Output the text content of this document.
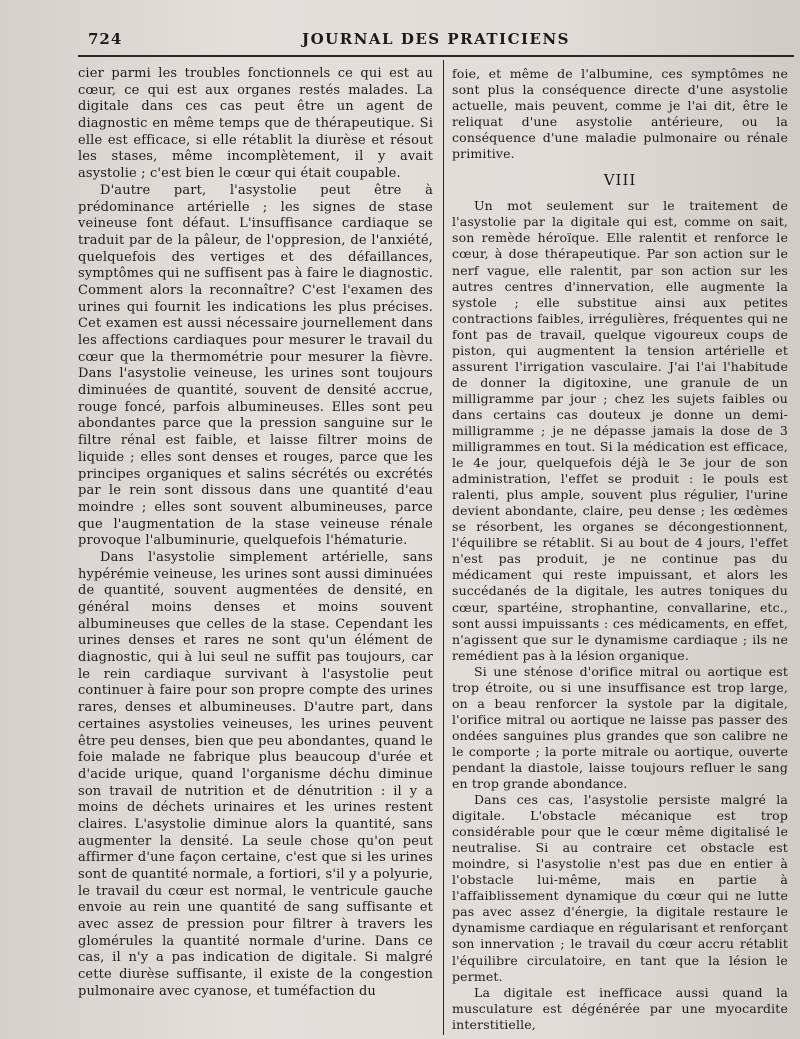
724	JOURNAL DES PRATICIENS

cier parmi les troubles fonctionnels ce qui est au cœur, ce qui est aux organes restés malades. La digitale dans ces cas peut être un agent de diagnostic en même temps que de thérapeutique. Si elle est efficace, si elle rétablit la diurèse et résout les stases, même incomplètement, il y avait asystolie ; c'est bien le cœur qui était coupable.

D'autre part, l'asystolie peut être à prédominance artérielle ; les signes de stase veineuse font défaut. L'insuffisance cardiaque se traduit par de la pâleur, de l'oppresion, de l'anxiété, quelquefois des vertiges et des défaillances, symptômes qui ne suffisent pas à faire le diagnostic. Comment alors la reconnaître? C'est l'examen des urines qui fournit les indications les plus précises. Cet examen est aussi nécessaire journellement dans les affections cardiaques pour mesurer le travail du cœur que la thermométrie pour mesurer la fièvre. Dans l'asystolie veineuse, les urines sont toujours diminuées de quantité, souvent de densité accrue, rouge foncé, parfois albumineuses. Elles sont peu abondantes parce que la pression sanguine sur le filtre rénal est faible, et laisse filtrer moins de liquide ; elles sont denses et rouges, parce que les principes organiques et salins sécrétés ou excrétés par le rein sont dissous dans une quantité d'eau moindre ; elles sont souvent albumineuses, parce que l'augmentation de la stase veineuse rénale provoque l'albuminurie, quelquefois l'hématurie.

Dans l'asystolie simplement artérielle, sans hypérémie veineuse, les urines sont aussi diminuées de quantité, souvent augmentées de densité, en général moins denses et moins souvent albumineuses que celles de la stase. Cependant les urines denses et rares ne sont qu'un élément de diagnostic, qui à lui seul ne suffit pas toujours, car le rein cardiaque survivant à l'asystolie peut continuer à faire pour son propre compte des urines rares, denses et albumineuses. D'autre part, dans certaines asystolies veineuses, les urines peuvent être peu denses, bien que peu abondantes, quand le foie malade ne fabrique plus beaucoup d'urée et d'acide urique, quand l'organisme déchu diminue son travail de nutrition et de dénutrition : il y a moins de déchets urinaires et les urines restent claires. L'asystolie diminue alors la quantité, sans augmenter la densité. La seule chose qu'on peut affirmer d'une façon certaine, c'est que si les urines sont de quantité normale, a fortiori, s'il y a polyurie, le travail du cœur est normal, le ventricule gauche envoie au rein une quantité de sang suffisante et avec assez de pression pour filtrer à travers les glomérules la quantité normale d'urine. Dans ce cas, il n'y a pas indication de digitale. Si malgré cette diurèse suffisante, il existe de la congestion pulmonaire avec cyanose, et tuméfaction du

foie, et même de l'albumine, ces symptômes ne sont plus la conséquence directe d'une asystolie actuelle, mais peuvent, comme je l'ai dit, être le reliquat d'une asystolie antérieure, ou la conséquence d'une maladie pulmonaire ou rénale primitive.

VIII

Un mot seulement sur le traitement de l'asystolie par la digitale qui est, comme on sait, son remède héroïque. Elle ralentit et renforce le cœur, à dose thérapeutique. Par son action sur le nerf vague, elle ralentit, par son action sur les autres centres d'innervation, elle augmente la systole ; elle substitue ainsi aux petites contractions faibles, irrégulières, fréquentes qui ne font pas de travail, quelque vigoureux coups de piston, qui augmentent la tension artérielle et assurent l'irrigation vasculaire. J'ai l'ai l'habitude de donner la digitoxine, une granule de un milligramme par jour ; chez les sujets faibles ou dans certains cas douteux je donne un demi-milligramme ; je ne dépasse jamais la dose de 3 milligrammes en tout. Si la médication est efficace, le 4e jour, quelquefois déjà le 3e jour de son administration, l'effet se produit : le pouls est ralenti, plus ample, souvent plus régulier, l'urine devient abondante, claire, peu dense ; les œdèmes se résorbent, les organes se décongestionnent, l'équilibre se rétablit. Si au bout de 4 jours, l'effet n'est pas produit, je ne continue pas du médicament qui reste impuissant, et alors les succédanés de la digitale, les autres toniques du cœur, spartéine, strophantine, convallarine, etc., sont aussi impuissants : ces médicaments, en effet, n'agissent que sur le dynamisme cardiaque ; ils ne remédient pas à la lésion organique.

Si une sténose d'orifice mitral ou aortique est trop étroite, ou si une insuffisance est trop large, on a beau renforcer la systole par la digitale, l'orifice mitral ou aortique ne laisse pas passer des ondées sanguines plus grandes que son calibre ne le comporte ; la porte mitrale ou aortique, ouverte pendant la diastole, laisse toujours refluer le sang en trop grande abondance.

Dans ces cas, l'asystolie persiste malgré la digitale. L'obstacle mécanique est trop considérable pour que le cœur même digitalisé le neutralise. Si au contraire cet obstacle est moindre, si l'asystolie n'est pas due en entier à l'obstacle lui-même, mais en partie à l'affaiblissement dynamique du cœur qui ne lutte pas avec assez d'énergie, la digitale restaure le dynamisme cardiaque en régularisant et renforçant son innervation ; le travail du cœur accru rétablit l'équilibre circulatoire, en tant que la lésion le permet.

La digitale est inefficace aussi quand la musculature est dégénérée par une myocardite interstitielle,
